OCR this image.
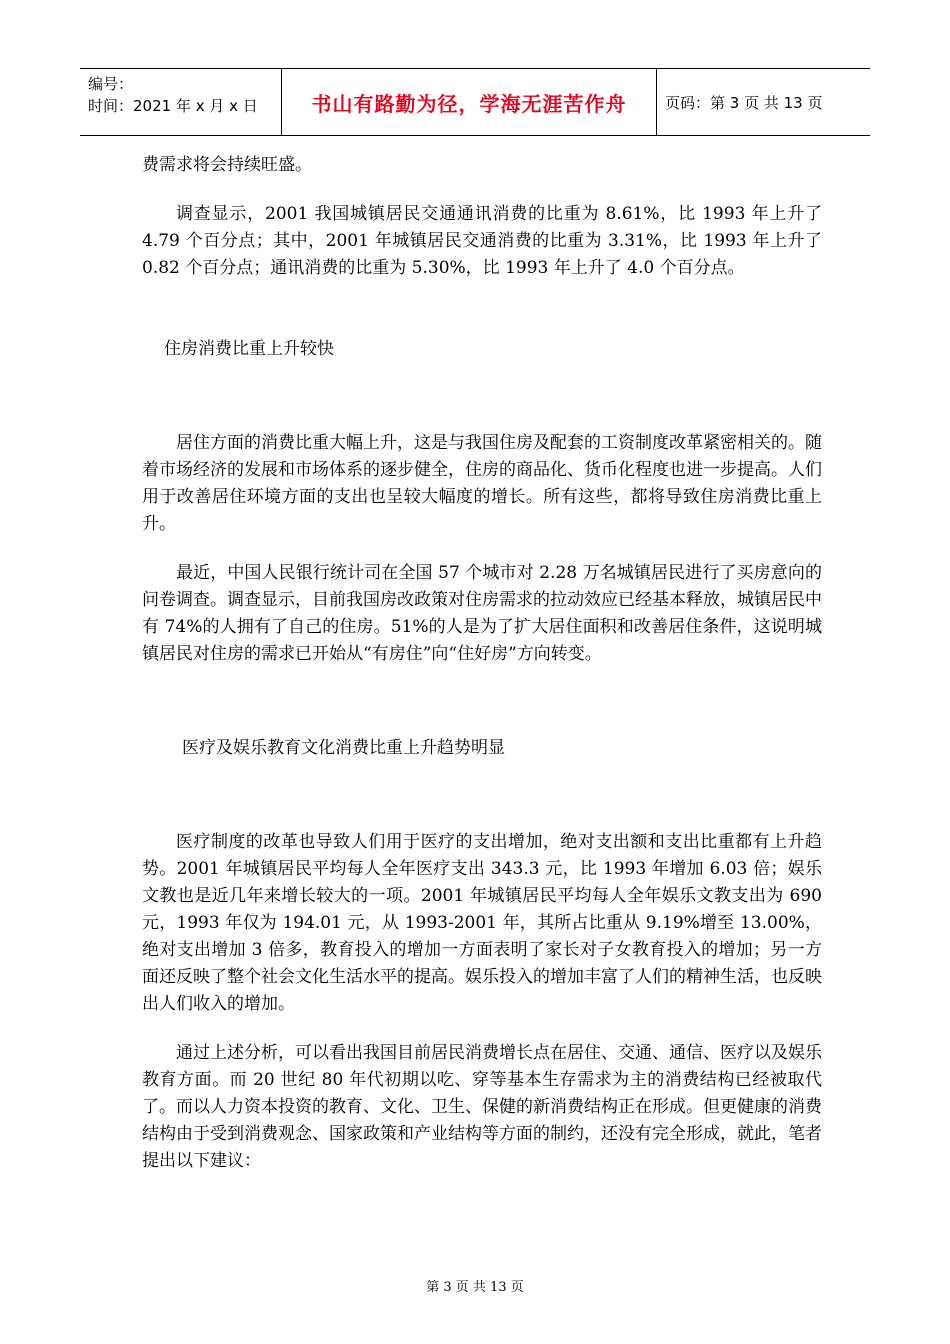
编号：
时间：2021 年 x 月 x 日	书山有路勤为径，学海无涯苦作舟	页码：第 3 页 共 13 页

费需求将会持续旺盛。

调查显示，2001 我国城镇居民交通通讯消费的比重为 8.61%，比 1993 年上升了 4.79 个百分点；其中，2001 年城镇居民交通消费的比重为 3.31%，比 1993 年上升了 0.82 个百分点；通讯消费的比重为 5.30%，比 1993 年上升了 4.0 个百分点。

住房消费比重上升较快

居住方面的消费比重大幅上升，这是与我国住房及配套的工资制度改革紧密相关的。随着市场经济的发展和市场体系的逐步健全，住房的商品化、货币化程度也进一步提高。人们用于改善居住环境方面的支出也呈较大幅度的增长。所有这些，都将导致住房消费比重上升。

最近，中国人民银行统计司在全国 57 个城市对 2.28 万名城镇居民进行了买房意向的问卷调查。调查显示，目前我国房改政策对住房需求的拉动效应已经基本释放，城镇居民中有 74%的人拥有了自己的住房。51%的人是为了扩大居住面积和改善居住条件，这说明城镇居民对住房的需求已开始从“有房住”向“住好房”方向转变。

医疗及娱乐教育文化消费比重上升趋势明显

医疗制度的改革也导致人们用于医疗的支出增加，绝对支出额和支出比重都有上升趋势。2001 年城镇居民平均每人全年医疗支出 343.3 元，比 1993 年增加 6.03 倍；娱乐文教也是近几年来增长较大的一项。2001 年城镇居民平均每人全年娱乐文教支出为 690 元，1993 年仅为 194.01 元，从 1993-2001 年，其所占比重从 9.19%增至 13.00%，绝对支出增加 3 倍多，教育投入的增加一方面表明了家长对子女教育投入的增加；另一方面还反映了整个社会文化生活水平的提高。娱乐投入的增加丰富了人们的精神生活，也反映出人们收入的增加。

通过上述分析，可以看出我国目前居民消费增长点在居住、交通、通信、医疗以及娱乐教育方面。而 20 世纪 80 年代初期以吃、穿等基本生存需求为主的消费结构已经被取代了。而以人力资本投资的教育、文化、卫生、保健的新消费结构正在形成。但更健康的消费结构由于受到消费观念、国家政策和产业结构等方面的制约，还没有完全形成，就此，笔者提出以下建议：

第 3 页 共 13 页
